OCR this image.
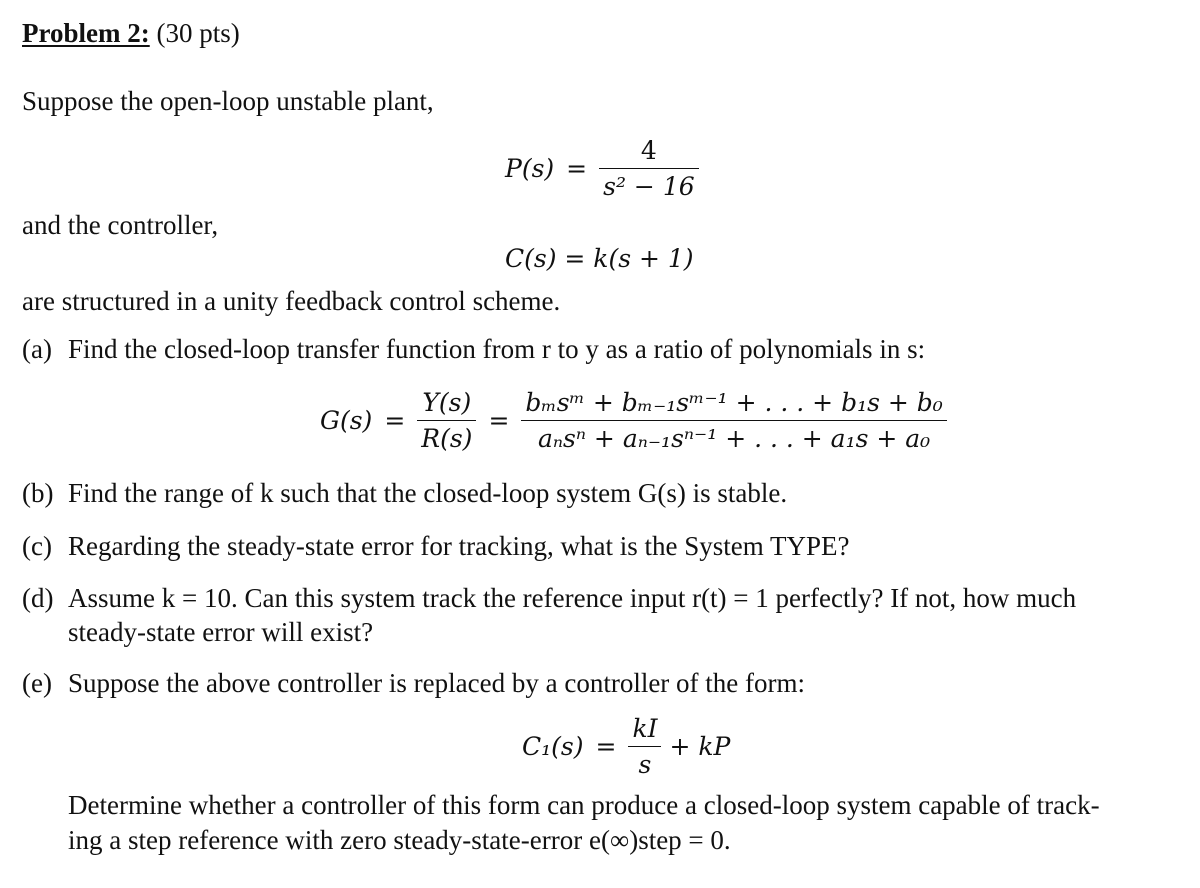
Problem 2: (30 pts)
Suppose the open-loop unstable plant,
$P(s) = \frac{4}{\text{s² − 16}}$
and the controller,
C(s) = k(s + 1)
are structured in a unity feedback control scheme.
(a) Find the closed-loop transfer function from r to y as a ratio of polynomials in s:
$G(s) = \frac{Y(s)}{R(s)} = \frac{\text{bₘsᵐ + bₘ₋₁sᵐ⁻¹ + . . . + b₁s + b₀}}{\text{aₙsⁿ + aₙ₋₁sⁿ⁻¹ + . . . + a₁s + a₀}}$
(b) Find the range of k such that the closed-loop system G(s) is stable.
(c) Regarding the steady-state error for tracking, what is the System TYPE?
(d) Assume k = 10. Can this system track the reference input r(t) = 1 perfectly? If not, how much
steady-state error will exist?
(e) Suppose the above controller is replaced by a controller of the form:
$C_1(s) = \frac{kI}{s}$ + kP
Determine whether a controller of this form can produce a closed-loop system capable of track-
ing a step reference with zero steady-state-error e(∞)step = 0.
